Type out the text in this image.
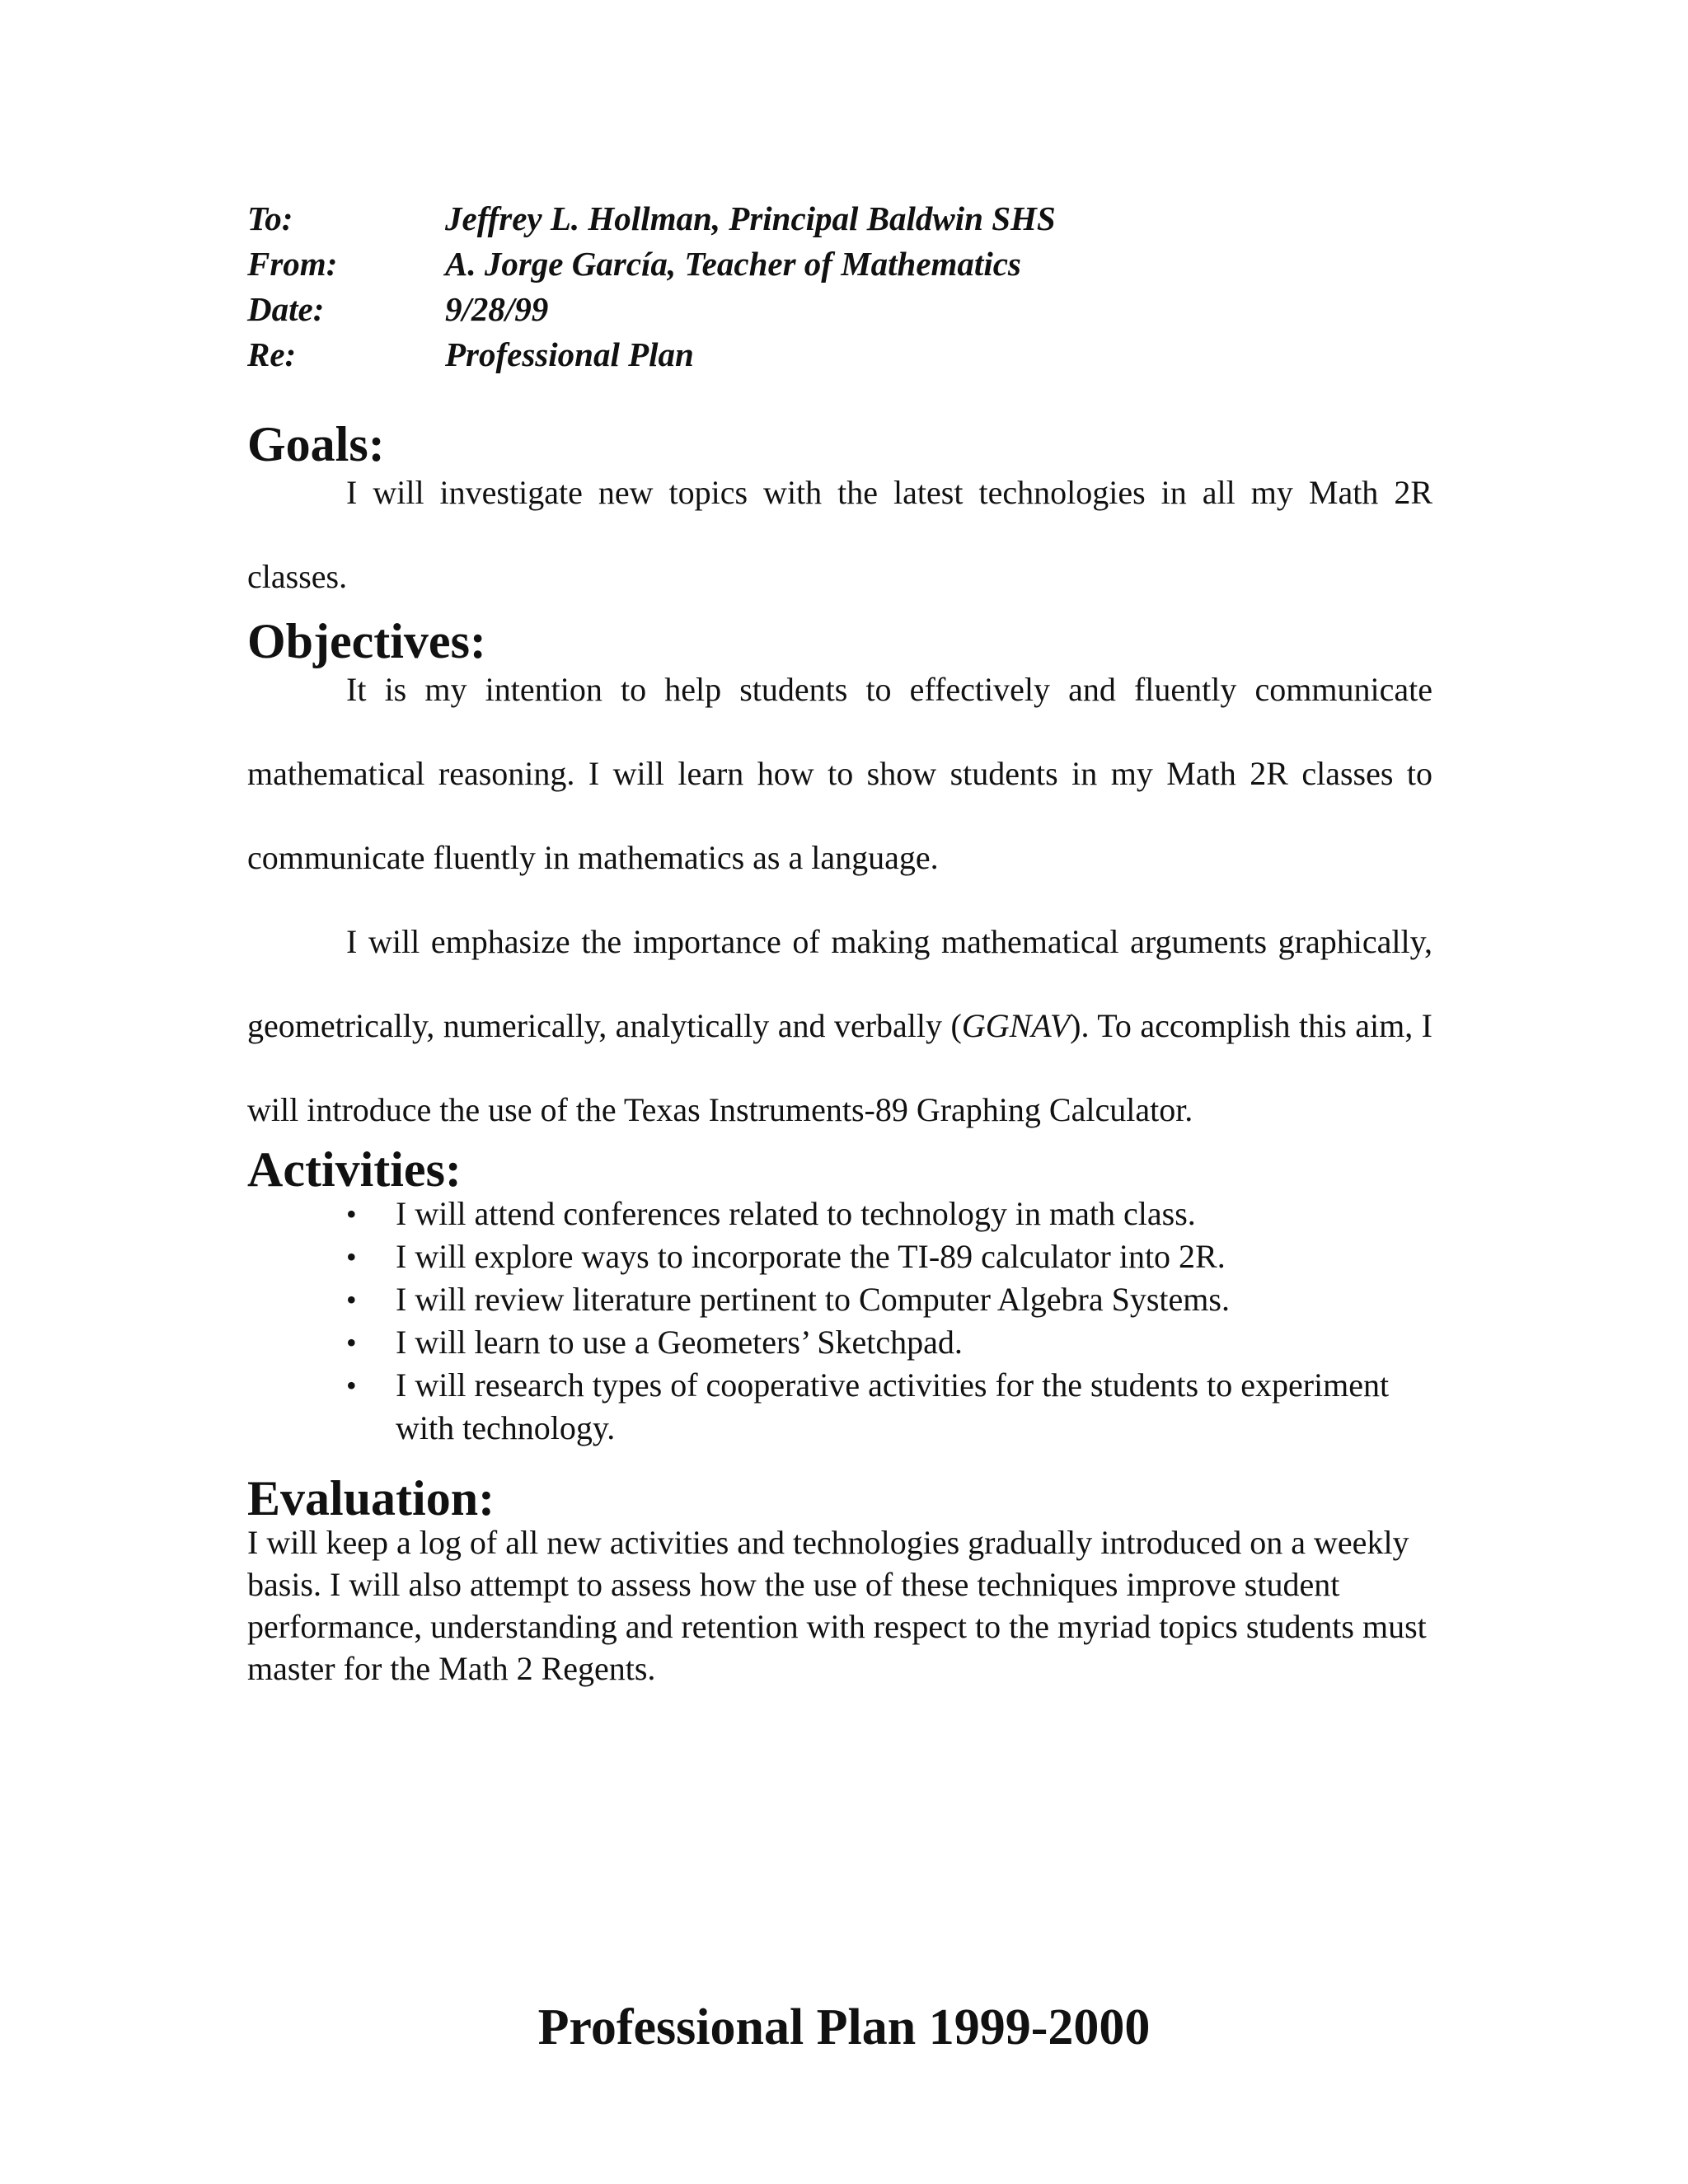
To:	Jeffrey L. Hollman, Principal Baldwin SHS
From:	A. Jorge García, Teacher of Mathematics
Date:	9/28/99
Re:	Professional Plan
Goals:

I will investigate new topics with the latest technologies in all my Math 2R classes.

Objectives:

It is my intention to help students to effectively and fluently communicate mathematical reasoning. I will learn how to show students in my Math 2R classes to communicate fluently in mathematics as a language.

I will emphasize the importance of making mathematical arguments graphically, geometrically, numerically, analytically and verbally (GGNAV). To accomplish this aim, I will introduce the use of the Texas Instruments-89 Graphing Calculator.

Activities:
•	I will attend conferences related to technology in math class.
•	I will explore ways to incorporate the TI-89 calculator into 2R.
•	I will review literature pertinent to Computer Algebra Systems.
•	I will learn to use a Geometers’ Sketchpad.
•	I will research types of cooperative activities for the students to experiment with technology.
Evaluation:

I will keep a log of all new activities and technologies gradually introduced on a weekly basis. I will also attempt to assess how the use of these techniques improve student performance, understanding and retention with respect to the myriad topics students must master for the Math 2 Regents.

Professional Plan 1999-2000
